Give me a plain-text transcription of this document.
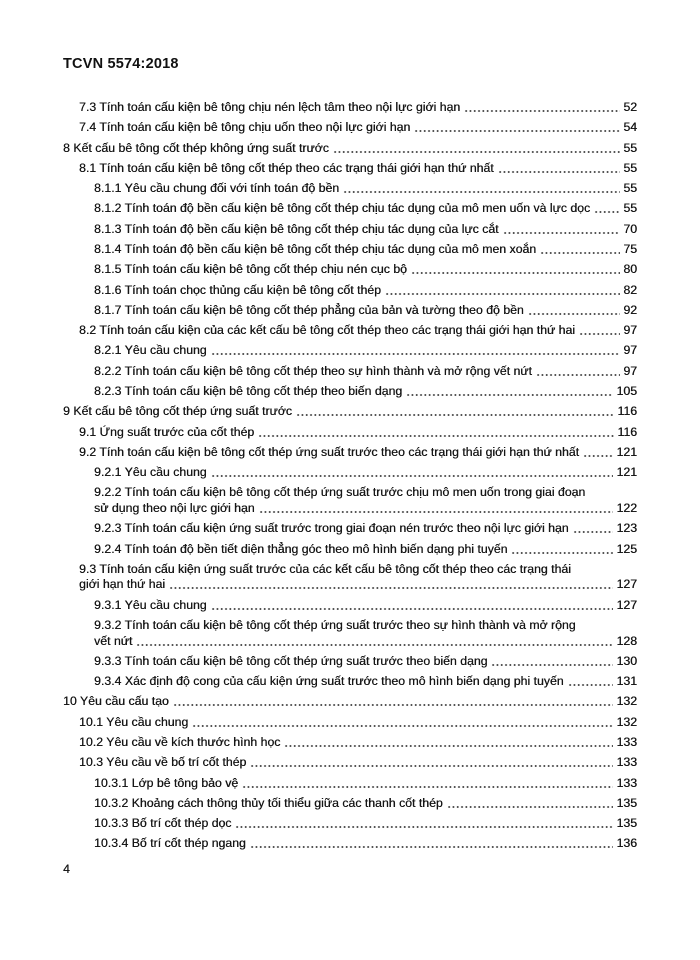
TCVN 5574:2018
7.3 Tính toán cấu kiện bê tông chịu nén lệch tâm theo nội lực giới hạn	52
7.4 Tính toán cấu kiện bê tông chịu uốn theo nội lực giới hạn	54
8 Kết cấu bê tông cốt thép không ứng suất trước	55
8.1 Tính toán cấu kiện bê tông cốt thép theo các trạng thái giới hạn thứ nhất	55
8.1.1 Yêu cầu chung đối với tính toán độ bền	55
8.1.2 Tính toán độ bền cấu kiện bê tông cốt thép chịu tác dụng của mô men uốn và lực dọc	55
8.1.3 Tính toán độ bền cấu kiện bê tông cốt thép chịu tác dụng của lực cắt	70
8.1.4 Tính toán độ bền cấu kiện bê tông cốt thép chịu tác dụng của mô men xoắn	75
8.1.5 Tính toán cấu kiện bê tông cốt thép chịu nén cục bộ	80
8.1.6 Tính toán chọc thủng cấu kiện bê tông cốt thép	82
8.1.7 Tính toán cấu kiện bê tông cốt thép phẳng của bản và tường theo độ bền	92
8.2 Tính toán cấu kiện của các kết cấu bê tông cốt thép theo các trạng thái giới hạn thứ hai	97
8.2.1 Yêu cầu chung	97
8.2.2 Tính toán cấu kiện bê tông cốt thép theo sự hình thành và mở rộng vết nứt	97
8.2.3 Tính toán cấu kiện bê tông cốt thép theo biến dạng	105
9 Kết cấu bê tông cốt thép ứng suất trước	116
9.1 Ứng suất trước của cốt thép	116
9.2 Tính toán cấu kiện bê tông cốt thép ứng suất trước theo các trạng thái giới hạn thứ nhất	121
9.2.1 Yêu cầu chung	121
9.2.2 Tính toán cấu kiện bê tông cốt thép ứng suất trước chịu mô men uốn trong giai đoạn
sử dụng theo nội lực giới hạn	122
9.2.3 Tính toán cấu kiện ứng suất trước trong giai đoạn nén trước theo nội lực giới hạn	123
9.2.4 Tính toán độ bền tiết diện thẳng góc theo mô hình biến dạng phi tuyến	125
9.3 Tính toán cấu kiện ứng suất trước của các kết cấu bê tông cốt thép theo các trạng thái
giới hạn thứ hai	127
9.3.1 Yêu cầu chung	127
9.3.2 Tính toán cấu kiện bê tông cốt thép ứng suất trước theo sự hình thành và mở rộng
vết nứt	128
9.3.3 Tính toán cấu kiện bê tông cốt thép ứng suất trước theo biến dạng	130
9.3.4 Xác định độ cong của cấu kiện ứng suất trước theo mô hình biến dạng phi tuyến	131
10 Yêu cầu cấu tạo	132
10.1 Yêu cầu chung	132
10.2 Yêu cầu về kích thước hình học	133
10.3 Yêu cầu về bố trí cốt thép	133
10.3.1 Lớp bê tông bảo vệ	133
10.3.2 Khoảng cách thông thủy tối thiểu giữa các thanh cốt thép	135
10.3.3 Bố trí cốt thép dọc	135
10.3.4 Bố trí cốt thép ngang	136
4
